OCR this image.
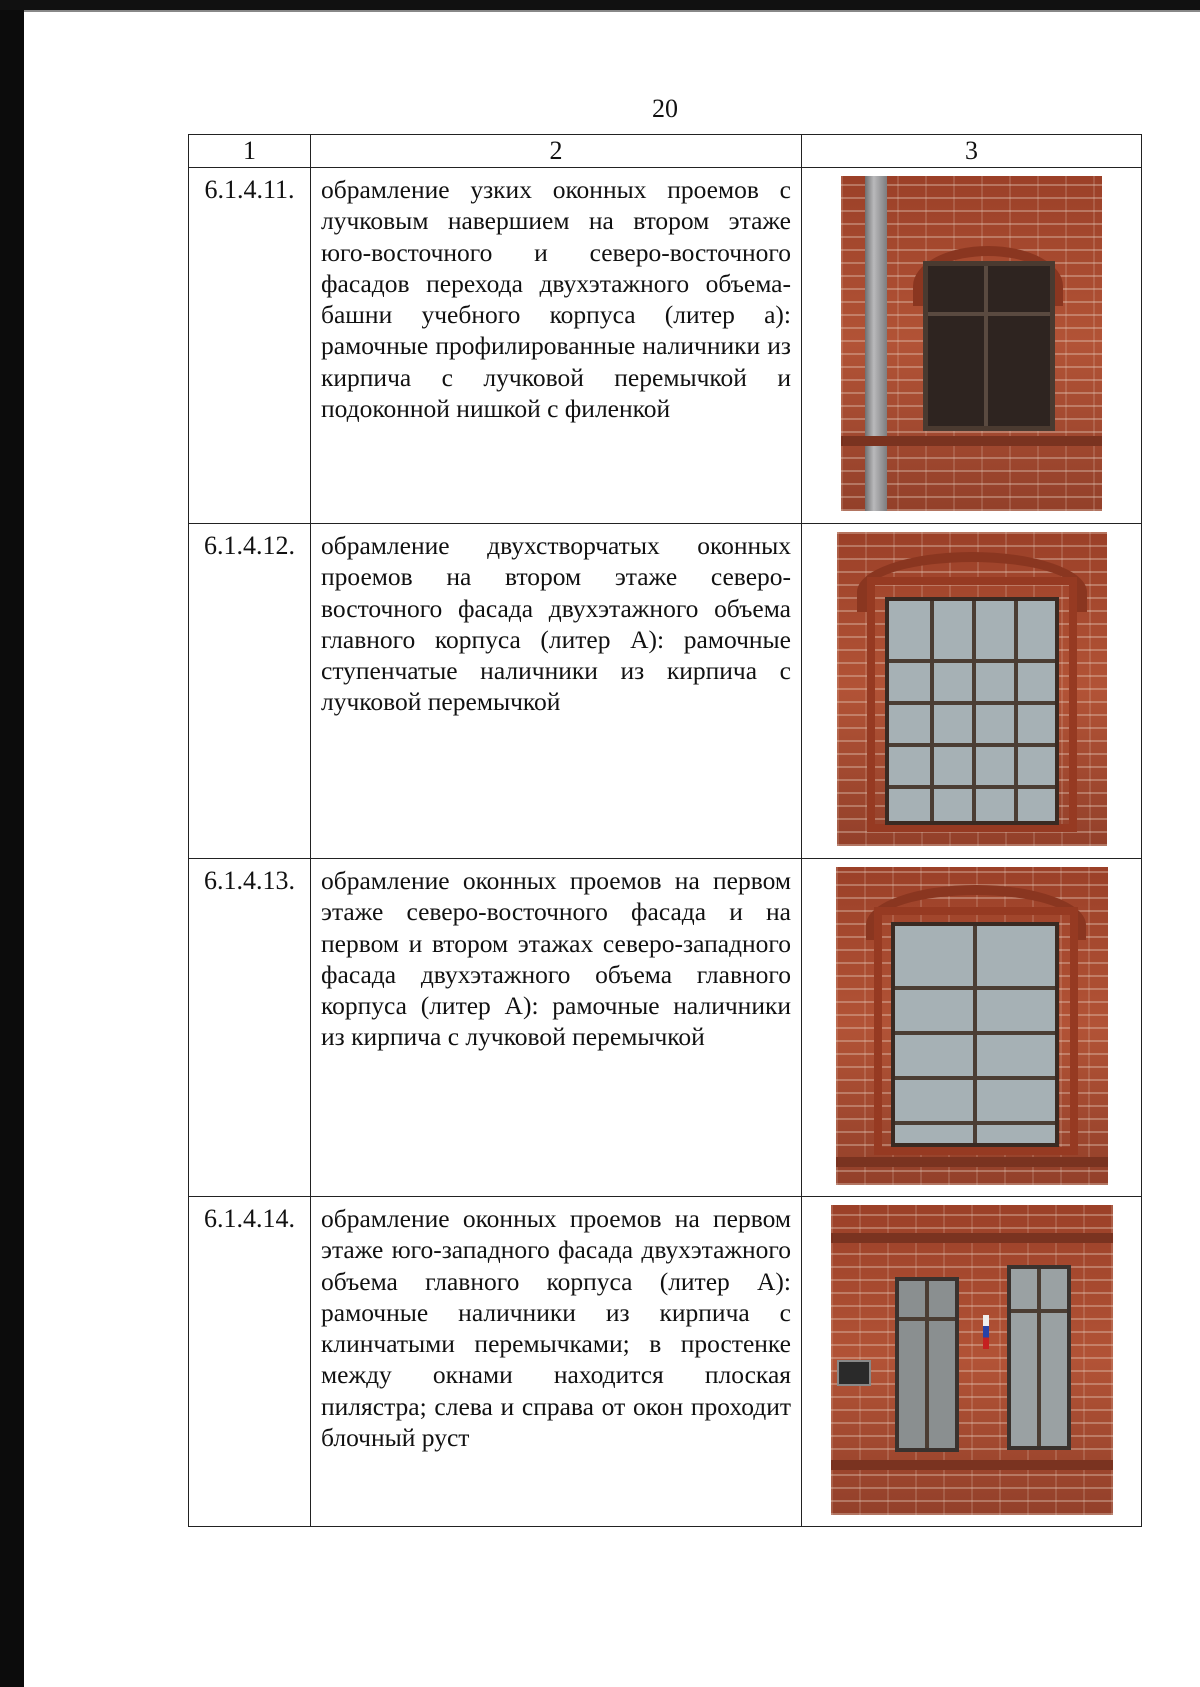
20
1	2	3
6.1.4.11.	обрамление узких оконных проемов с лучковым навершием на втором этаже юго-восточного и северо-восточного фасадов перехода двухэтажного объема-башни учебного корпуса (литер а): рамочные профилированные наличники из кирпича с лучковой перемычкой и подоконной нишкой с филенкой	

6.1.4.12.	обрамление двухстворчатых оконных проемов на втором этаже северо- восточного фасада двухэтажного объема главного корпуса (литер А): рамочные ступенчатые наличники из кирпича с лучковой перемычкой	

6.1.4.13.	обрамление оконных проемов на первом этаже северо-восточного фасада и на первом и втором этажах северо-западного фасада двухэтажного объема главного корпуса (литер А): рамочные наличники из кирпича с лучковой перемычкой	

6.1.4.14.	обрамление оконных проемов на первом этаже юго-западного фасада двухэтажного объема главного корпуса (литер А): рамочные наличники из кирпича с клинчатыми перемычками; в простенке между окнами находится плоская пилястра; слева и справа от окон проходит блочный руст	
